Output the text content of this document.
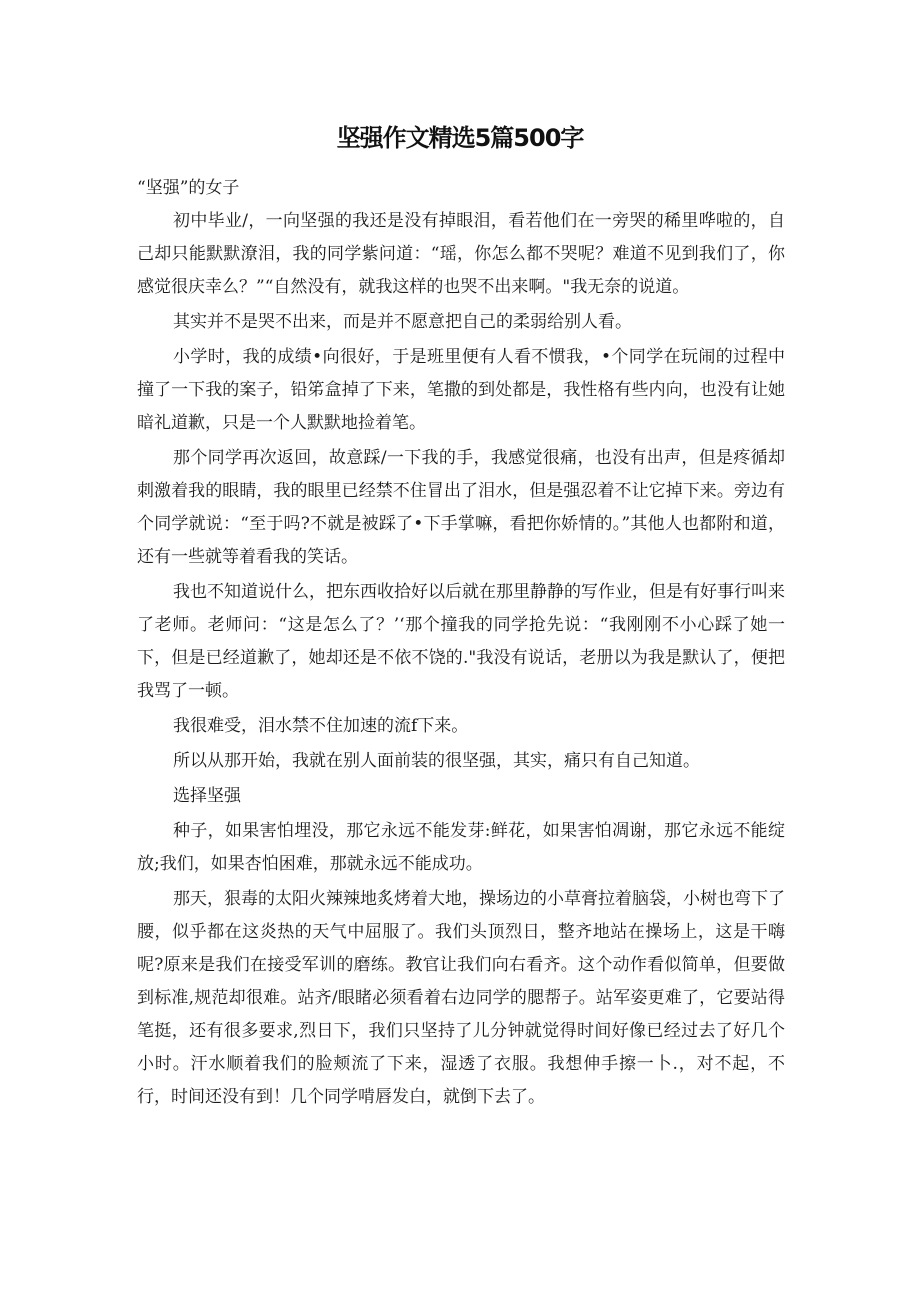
坚强作文精选5篇500字

“坚强”的女子

初中毕业/，一向坚强的我还是没有掉眼泪，看若他们在一旁哭的稀里哗啦的，自己却只能默默潦泪，我的同学紫问道：“瑶，你怎么都不哭呢？难道不见到我们了，你感觉很庆幸么？”“自然没有，就我这样的也哭不出来啊。"我无奈的说道。

其实并不是哭不出来，而是并不愿意把自己的柔弱给别人看。

小学时，我的成绩•向很好，于是班里便有人看不惯我，•个同学在玩闹的过程中撞了一下我的案子，铅笫盒掉了下来，笔撒的到处都是，我性格有些内向，也没有让她暗礼道歉，只是一个人默默地捡着笔。

那个同学再次返回，故意踩/一下我的手，我感觉很痛，也没有出声，但是疼循却刺激着我的眼睛，我的眼里已经禁不住冒出了泪水，但是强忍着不让它掉下来。旁边有个同学就说：“至于吗?不就是被踩了•下手掌嘛，看把你娇情的。”其他人也都附和道，还有一些就等着看我的笑话。

我也不知道说什么，把东西收拾好以后就在那里静静的写作业，但是有好事行叫来了老师。老师问：“这是怎么了？’‘那个撞我的同学抢先说：“我刚刚不小心踩了她一下，但是已经道歉了，她却还是不依不饶的."我没有说话，老册以为我是默认了，便把我骂了一顿。

我很难受，泪水禁不住加速的流f下来。

所以从那开始，我就在别人面前装的很坚强，其实，痛只有自己知道。

选择坚强

种子，如果害怕埋没，那它永远不能发芽:鲜花，如果害怕凋谢，那它永远不能绽放;我们，如果杏怕困难，那就永远不能成功。

那天，狠毒的太阳火辣辣地炙烤着大地，操场边的小草膏拉着脑袋，小树也弯下了腰，似乎都在这炎热的天气中屈服了。我们头顶烈日，整齐地站在操场上，这是干嗨呢?原来是我们在接受军训的磨练。教官让我们向右看齐。这个动作看似简单，但要做到标准,规范却很难。站齐/眼睹必须看着右边同学的腮帮子。站军姿更难了，它要站得笔挺，还有很多要求,烈日下，我们只坚持了儿分钟就觉得时间好像已经过去了好几个小时。汗水顺着我们的脸颊流了下来，湿透了衣服。我想伸手擦一卜.，对不起，不行，时间还没有到！几个同学啃唇发白，就倒下去了。
